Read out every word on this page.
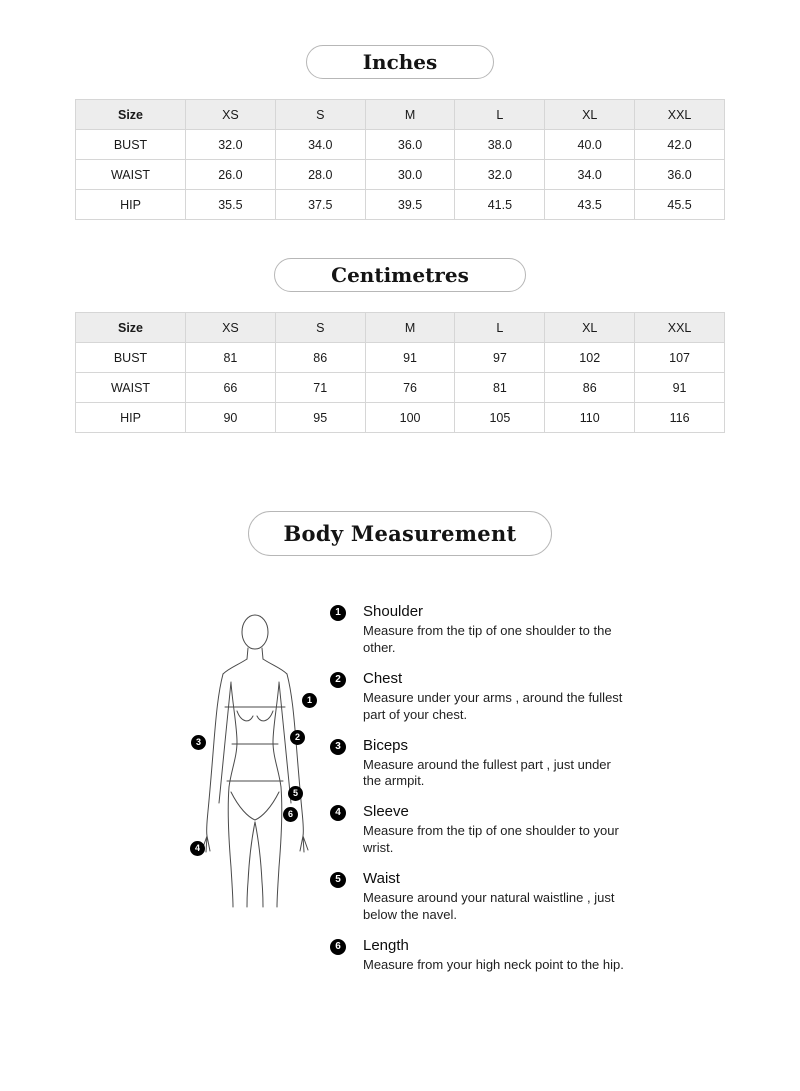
Inches
Size	XS	S	M	L	XL	XXL
BUST	32.0	34.0	36.0	38.0	40.0	42.0
WAIST	26.0	28.0	30.0	32.0	34.0	36.0
HIP	35.5	37.5	39.5	41.5	43.5	45.5
Centimetres
Size	XS	S	M	L	XL	XXL
BUST	81	86	91	97	102	107
WAIST	66	71	76	81	86	91
HIP	90	95	100	105	110	116
Body Measurement
1
2
3
5
6
4
1	Shoulder
Measure from the tip of one shoulder to the other.
2	Chest
Measure under your arms , around the fullest part of your chest.
3	Biceps
Measure around the fullest part , just under the armpit.
4	Sleeve
Measure from the tip of one shoulder to your wrist.
5	Waist
Measure around your natural waistline , just below the navel.
6	Length
Measure from your high neck point to the hip.
